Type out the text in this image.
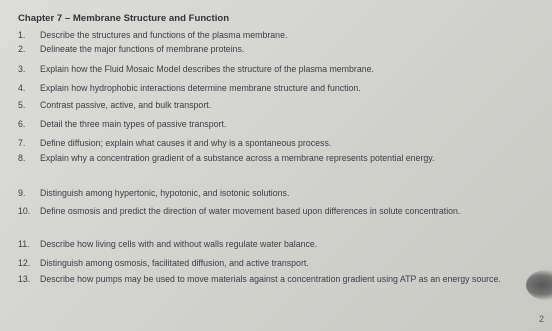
Chapter 7 – Membrane Structure and Function
1.	Describe the structures and functions of the plasma membrane.
2.	Delineate the major functions of membrane proteins.
3.	Explain how the Fluid Mosaic Model describes the structure of the plasma membrane.
4.	Explain how hydrophobic interactions determine membrane structure and function.
5.	Contrast passive, active, and bulk transport.
6.	Detail the three main types of passive transport.
7.	Define diffusion; explain what causes it and why is a spontaneous process.
8.	Explain why a concentration gradient of a substance across a membrane represents potential energy.
9.	Distinguish among hypertonic, hypotonic, and isotonic solutions.
10.	Define osmosis and predict the direction of water movement based upon differences in solute concentration.
11.	Describe how living cells with and without walls regulate water balance.
12.	Distinguish among osmosis, facilitated diffusion, and active transport.
13.	Describe how pumps may be used to move materials against a concentration gradient using ATP as an energy source.
2
